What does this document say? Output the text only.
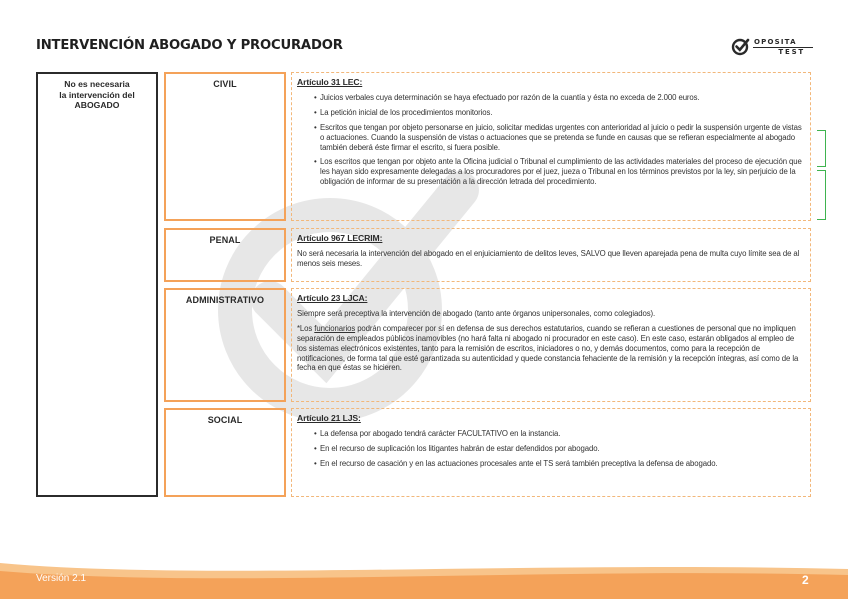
INTERVENCIÓN ABOGADO Y PROCURADOR	OPOSITA
TEST
No es necesaria
la intervención del
ABOGADO
CIVIL	Artículo 31 LEC:
• Juicios verbales cuya determinación se haya efectuado por razón de la cuantía y ésta no exceda de 2.000 euros.
• La petición inicial de los procedimientos monitorios.
• Escritos que tengan por objeto personarse en juicio, solicitar medidas urgentes con anterioridad al juicio o pedir la suspensión urgente de vistas o actuaciones. Cuando la suspensión de vistas o actuaciones que se pretenda se funde en causas que se refieran especialmente al abogado también deberá éste firmar el escrito, si fuera posible.
• Los escritos que tengan por objeto ante la Oficina judicial o Tribunal el cumplimiento de las actividades materiales del proceso de ejecución que les hayan sido expresamente delegadas a los procuradores por el juez, jueza o Tribunal en los términos previstos por la ley, sin perjuicio de la obligación de informar de su presentación a la dirección letrada del procedimiento.
PENAL	Artículo 967 LECRIM:
No será necesaria la intervención del abogado en el enjuiciamiento de delitos leves, SALVO que lleven aparejada pena de multa cuyo límite sea de al menos seis meses.
ADMINISTRATIVO	Artículo 23 LJCA:
Siempre será preceptiva la intervención de abogado (tanto ante órganos unipersonales, como colegiados).
*Los funcionarios podrán comparecer por sí en defensa de sus derechos estatutarios, cuando se refieran a cuestiones de personal que no impliquen separación de empleados públicos inamovibles (no hará falta ni abogado ni procurador en este caso). En este caso, estarán obligados al empleo de los sistemas electrónicos existentes, tanto para la remisión de escritos, iniciadores o no, y demás documentos, como para la recepción de notificaciones, de forma tal que esté garantizada su autenticidad y quede constancia fehaciente de la remisión y la recepción íntegras, así como de la fecha en que éstas se hicieren.
SOCIAL	Artículo 21 LJS:
• La defensa por abogado tendrá carácter FACULTATIVO en la instancia.
• En el recurso de suplicación los litigantes habrán de estar defendidos por abogado.
• En el recurso de casación y en las actuaciones procesales ante el TS será también preceptiva la defensa de abogado.
Versión 2.1	2
